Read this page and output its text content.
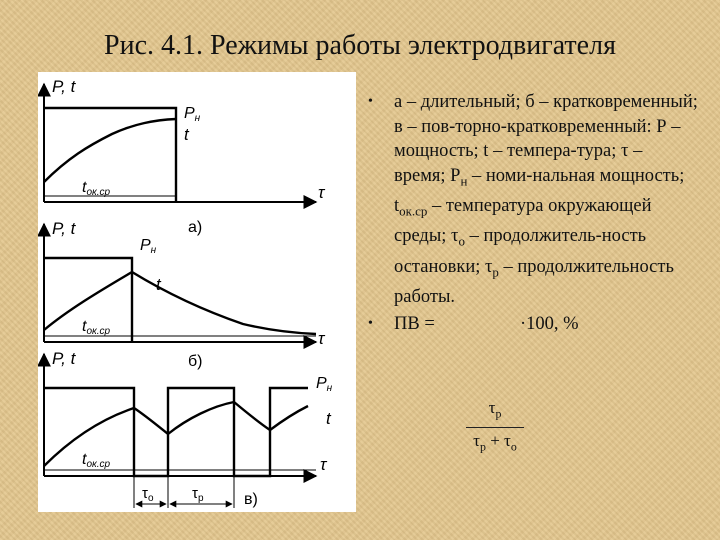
Рис. 4.1. Режимы работы электродвигателя
P, t
τ
Pн
t
tок.ср
а)
P, t
τ
Pн
t
tок.ср
б)
P, t
τ
Pн
t
tок.ср
$\tau_о$	$\tau_р$	в)
• а – длительный; б – кратковременный; в – пов-торно-кратковременный: Р – мощность; t – темпера-тура; τ – время; $Р_н$ – номи-нальная мощность; $t_{ок.ср}$ – температура окружающей среды; $\tau_о$ – продолжитель-ность остановки; $\tau_р$ – продолжительность работы.
• ПВ =	·100, %
$\tau_р$
$\tau_р + \tau_о$
